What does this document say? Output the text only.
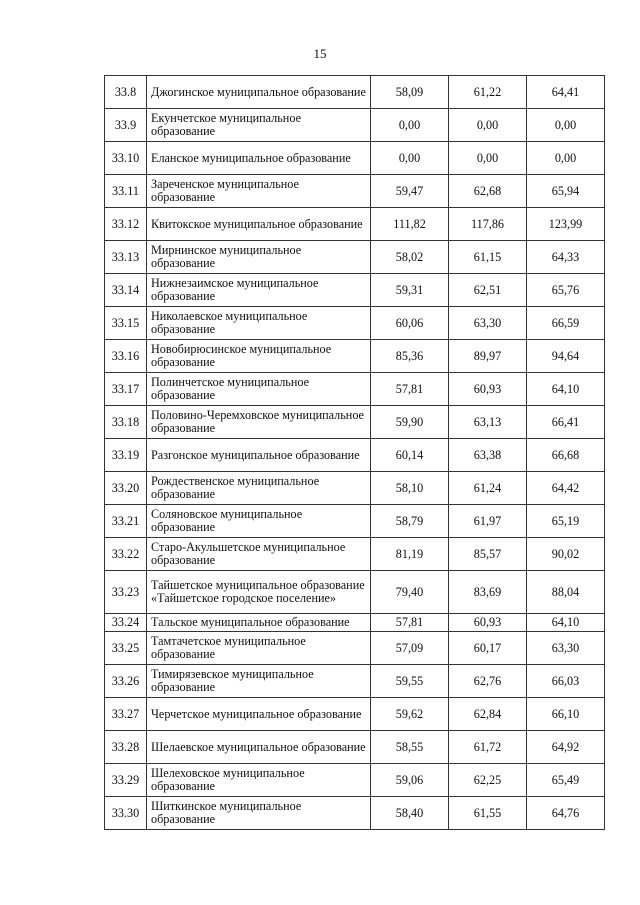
15
33.8	Джогинское муниципальное образование	58,09	61,22	64,41
33.9	Екунчетское муниципальное образование	0,00	0,00	0,00
33.10	Еланское муниципальное образование	0,00	0,00	0,00
33.11	Зареченское муниципальное образование	59,47	62,68	65,94
33.12	Квитокское муниципальное образование	111,82	117,86	123,99
33.13	Мирнинское муниципальное образование	58,02	61,15	64,33
33.14	Нижнезаимское муниципальное образование	59,31	62,51	65,76
33.15	Николаевское муниципальное образование	60,06	63,30	66,59
33.16	Новобирюсинское муниципальное образование	85,36	89,97	94,64
33.17	Полинчетское муниципальное образование	57,81	60,93	64,10
33.18	Половино-Черемховское муниципальное образование	59,90	63,13	66,41
33.19	Разгонское муниципальное образование	60,14	63,38	66,68
33.20	Рождественское муниципальное образование	58,10	61,24	64,42
33.21	Соляновское муниципальное образование	58,79	61,97	65,19
33.22	Старо-Акульшетское муниципальное образование	81,19	85,57	90,02
33.23	Тайшетское муниципальное образование «Тайшетское городское поселение»	79,40	83,69	88,04
33.24	Тальское муниципальное образование	57,81	60,93	64,10
33.25	Тамтачетское муниципальное образование	57,09	60,17	63,30
33.26	Тимирязевское муниципальное образование	59,55	62,76	66,03
33.27	Черчетское муниципальное образование	59,62	62,84	66,10
33.28	Шелаевское муниципальное образование	58,55	61,72	64,92
33.29	Шелеховское муниципальное образование	59,06	62,25	65,49
33.30	Шиткинское муниципальное образование	58,40	61,55	64,76
